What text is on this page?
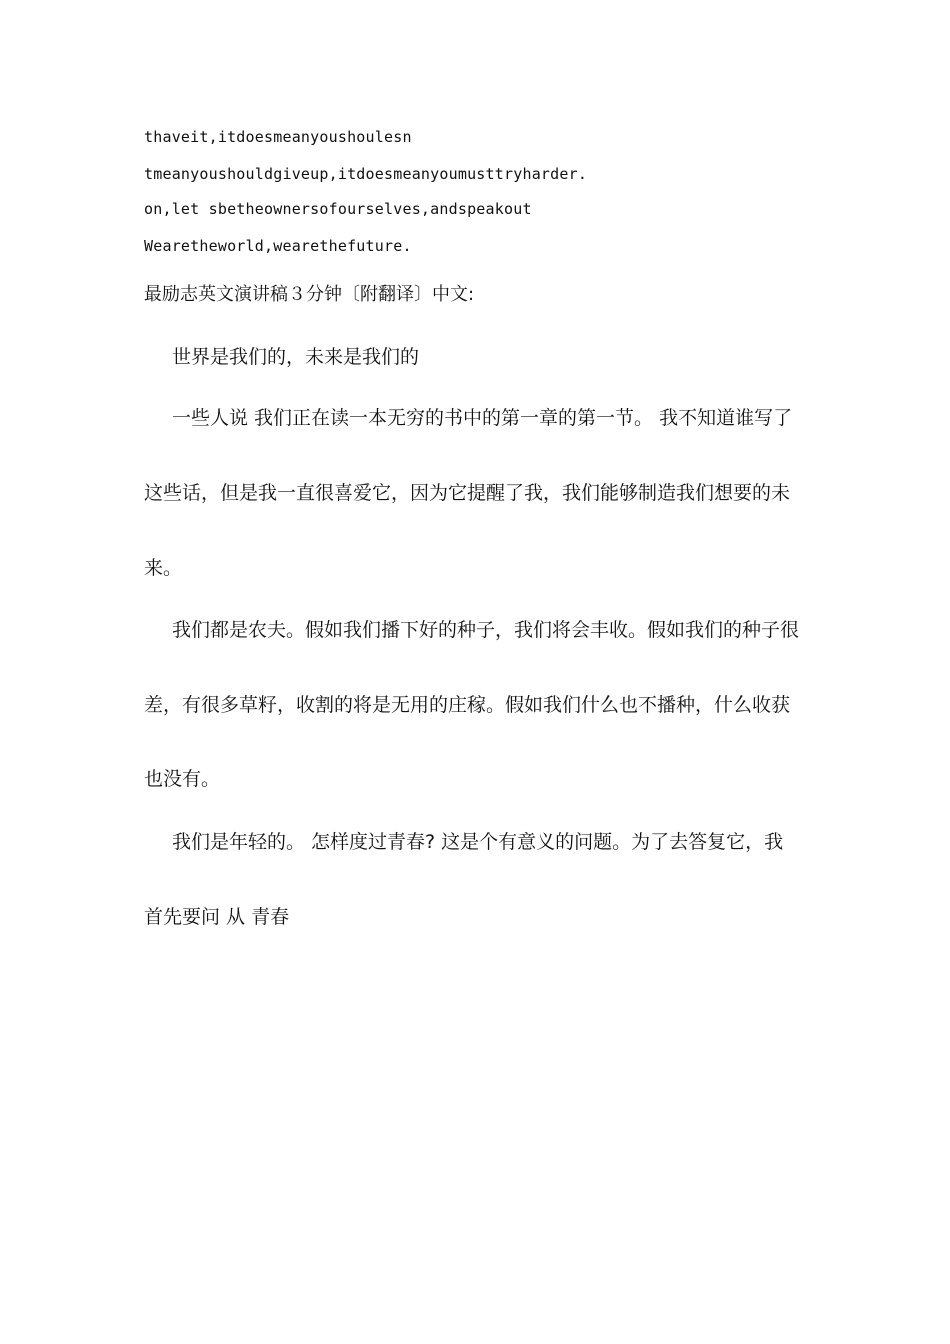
thaveit,itdoesmeanyoushoulesn
tmeanyoushouldgiveup,itdoesmeanyoumusttryharder.
on,let sbetheownersofourselves,andspeakout
Wearetheworld,wearethefuture.
最励志英文演讲稿３分钟〔附翻译〕中文:
世界是我们的，未来是我们的
一些人说 我们正在读一本无穷的书中的第一章的第一节。 我不知道谁写了
这些话，但是我一直很喜爱它，因为它提醒了我，我们能够制造我们想要的未
来。
我们都是农夫。假如我们播下好的种子，我们将会丰收。假如我们的种子很
差，有很多草籽，收割的将是无用的庄稼。假如我们什么也不播种，什么收获
也没有。
我们是年轻的。 怎样度过青春? 这是个有意义的问题。为了去答复它，我
首先要问 从 青春
